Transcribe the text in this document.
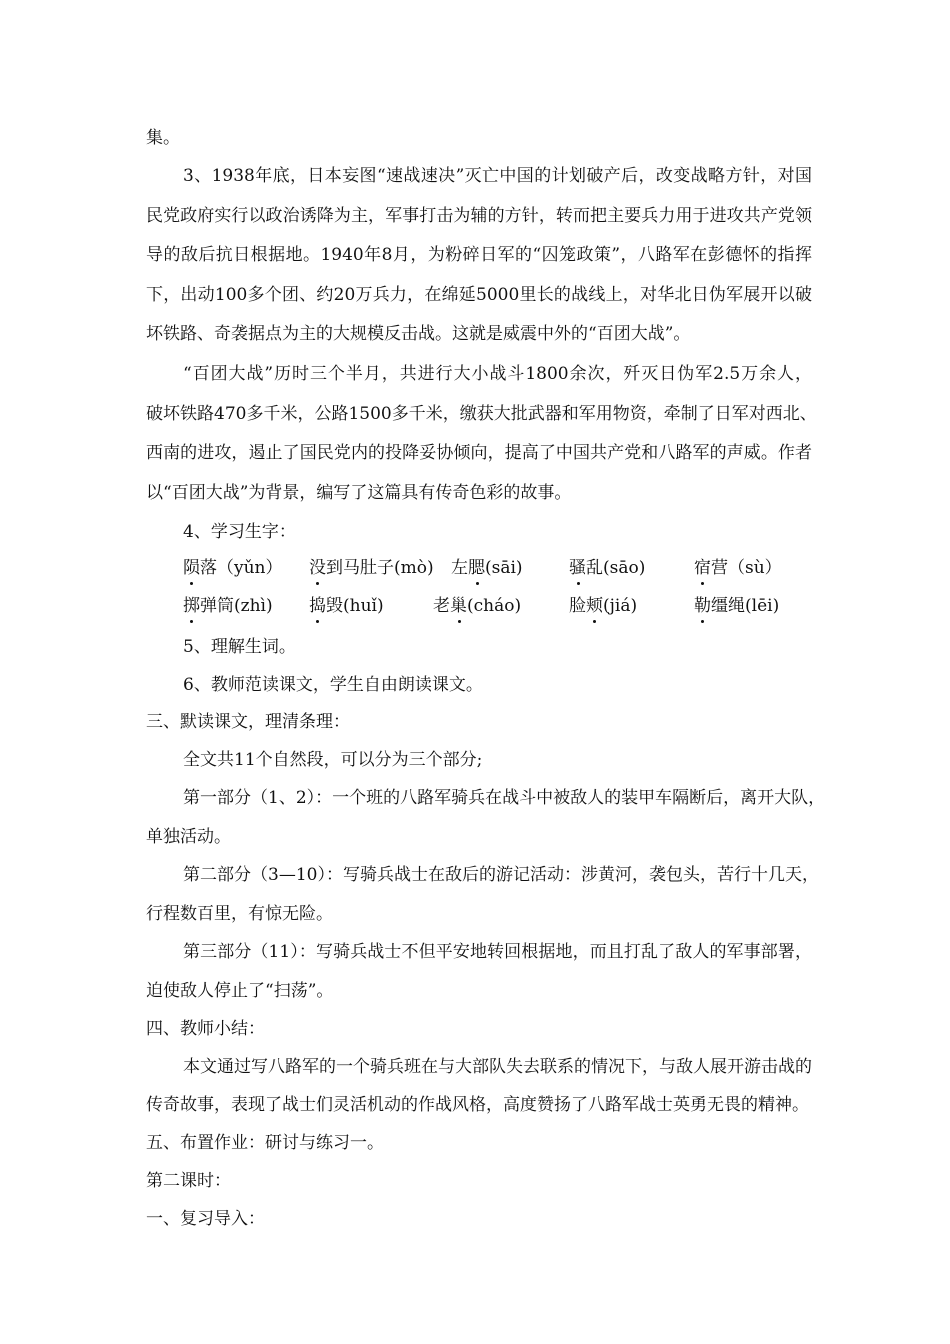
集。
3、1938年底，日本妄图“速战速决”灭亡中国的计划破产后，改变战略方针，对国
民党政府实行以政治诱降为主，军事打击为辅的方针，转而把主要兵力用于进攻共产党领
导的敌后抗日根据地。1940年8月，为粉碎日军的“囚笼政策”，八路军在彭德怀的指挥
下，出动100多个团、约20万兵力，在绵延5000里长的战线上，对华北日伪军展开以破
坏铁路、奇袭据点为主的大规模反击战。这就是威震中外的“百团大战”。
“百团大战”历时三个半月，共进行大小战斗1800余次，歼灭日伪军2.5万余人，
破坏铁路470多千米，公路1500多千米，缴获大批武器和军用物资，牵制了日军对西北、
西南的进攻，遏止了国民党内的投降妥协倾向，提高了中国共产党和八路军的声威。作者
以“百团大战”为背景，编写了这篇具有传奇色彩的故事。
4、学习生字：
陨落（yǔn） 没到马肚子(mò) 左腮(sāi)	骚乱(sāo)	宿营（sù）
掷弹筒(zhì) 捣毁(huǐ)	老巢(cháo)	脸颊(jiá)	勒缰绳(lēi)
5、理解生词。
6、教师范读课文，学生自由朗读课文。
三、默读课文，理清条理：
全文共11个自然段，可以分为三个部分;
第一部分（1、2）：一个班的八路军骑兵在战斗中被敌人的装甲车隔断后，离开大队，
单独活动。
第二部分（3—10）：写骑兵战士在敌后的游记活动：涉黄河，袭包头，苦行十几天，
行程数百里，有惊无险。
第三部分（11）：写骑兵战士不但平安地转回根据地，而且打乱了敌人的军事部署，
迫使敌人停止了“扫荡”。
四、教师小结：
本文通过写八路军的一个骑兵班在与大部队失去联系的情况下，与敌人展开游击战的
传奇故事，表现了战士们灵活机动的作战风格，高度赞扬了八路军战士英勇无畏的精神。
五、布置作业：研讨与练习一。
第二课时：
一、复习导入：
